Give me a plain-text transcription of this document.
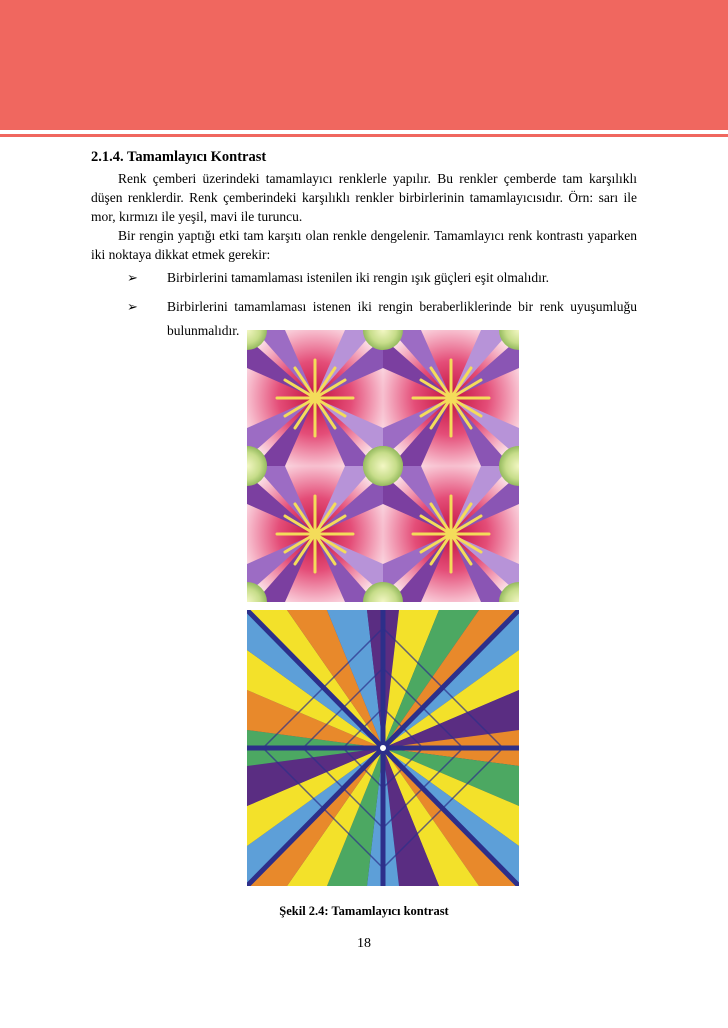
2.1.4. Tamamlayıcı Kontrast

Renk çemberi üzerindeki tamamlayıcı renklerle yapılır. Bu renkler çemberde tam karşılıklı düşen renklerdir. Renk çemberindeki karşılıklı renkler birbirlerinin tamamlayıcısıdır. Örn: sarı ile mor, kırmızı ile yeşil, mavi ile turuncu.

Bir rengin yaptığı etki tam karşıtı olan renkle dengelenir. Tamamlayıcı renk kontrastı yaparken iki noktaya dikkat etmek gerekir:

➢ Birbirlerini tamamlaması istenilen iki rengin ışık güçleri eşit olmalıdır.
➢ Birbirlerini tamamlaması istenen iki rengin beraberliklerinde bir renk uyuşumluğu bulunmalıdır.
Şekil 2.4: Tamamlayıcı kontrast
18
